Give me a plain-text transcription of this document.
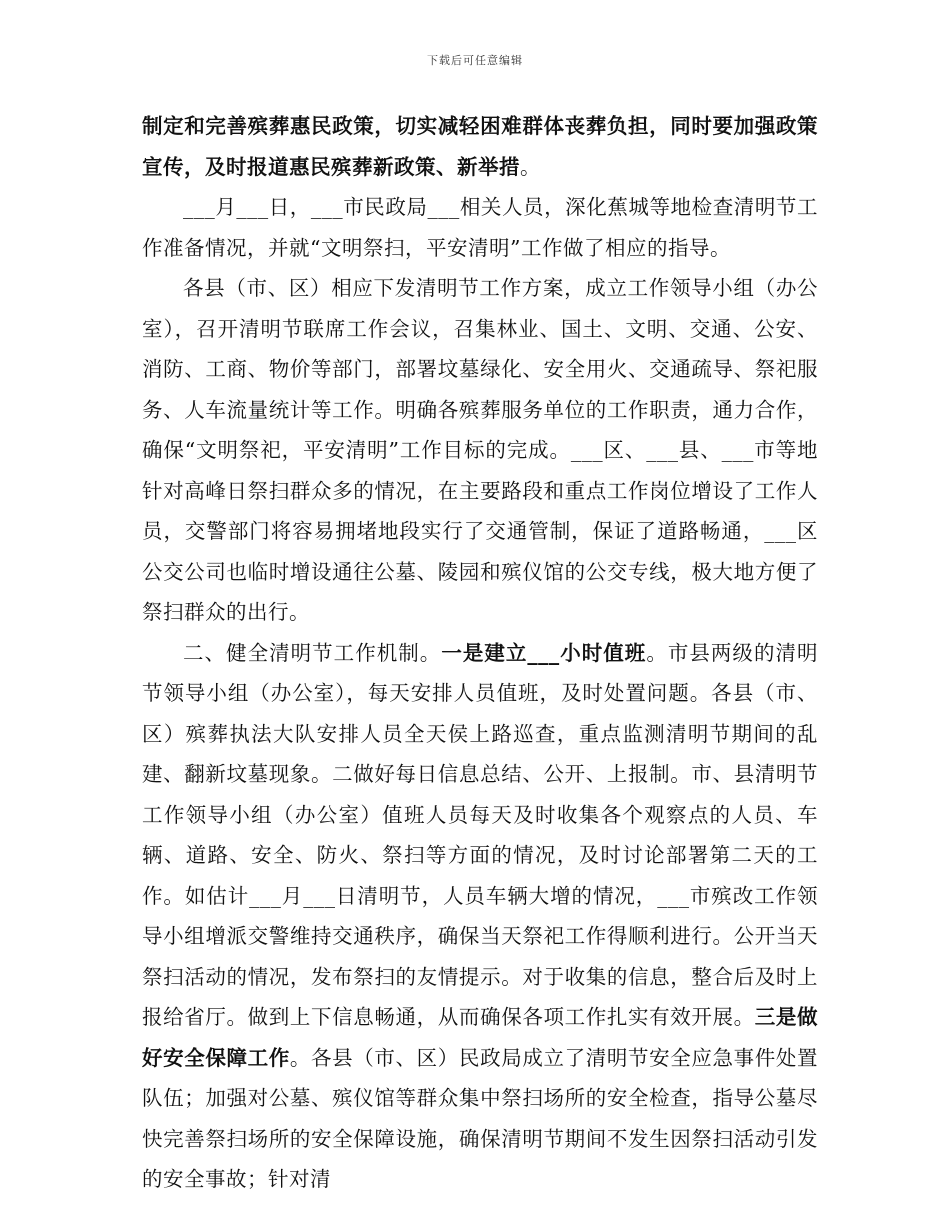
下载后可任意编辑

制定和完善殡葬惠民政策，切实减轻困难群体丧葬负担，同时要加强政策宣传，及时报道惠民殡葬新政策、新举措。

___月___日，___市民政局___相关人员，深化蕉城等地检查清明节工作准备情况，并就“文明祭扫，平安清明”工作做了相应的指导。

各县（市、区）相应下发清明节工作方案，成立工作领导小组（办公室），召开清明节联席工作会议，召集林业、国土、文明、交通、公安、消防、工商、物价等部门，部署坟墓绿化、安全用火、交通疏导、祭祀服务、人车流量统计等工作。明确各殡葬服务单位的工作职责，通力合作，确保“文明祭祀，平安清明”工作目标的完成。___区、___县、___市等地针对高峰日祭扫群众多的情况，在主要路段和重点工作岗位增设了工作人员，交警部门将容易拥堵地段实行了交通管制，保证了道路畅通，___区公交公司也临时增设通往公墓、陵园和殡仪馆的公交专线，极大地方便了祭扫群众的出行。

二、健全清明节工作机制。一是建立___小时值班。市县两级的清明节领导小组（办公室），每天安排人员值班，及时处置问题。各县（市、区）殡葬执法大队安排人员全天侯上路巡查，重点监测清明节期间的乱建、翻新坟墓现象。二做好每日信息总结、公开、上报制。市、县清明节工作领导小组（办公室）值班人员每天及时收集各个观察点的人员、车辆、道路、安全、防火、祭扫等方面的情况，及时讨论部署第二天的工作。如估计___月___日清明节，人员车辆大增的情况，___市殡改工作领导小组增派交警维持交通秩序，确保当天祭祀工作得顺利进行。公开当天祭扫活动的情况，发布祭扫的友情提示。对于收集的信息，整合后及时上报给省厅。做到上下信息畅通，从而确保各项工作扎实有效开展。三是做好安全保障工作。各县（市、区）民政局成立了清明节安全应急事件处置队伍；加强对公墓、殡仪馆等群众集中祭扫场所的安全检查，指导公墓尽快完善祭扫场所的安全保障设施，确保清明节期间不发生因祭扫活动引发的安全事故；针对清
